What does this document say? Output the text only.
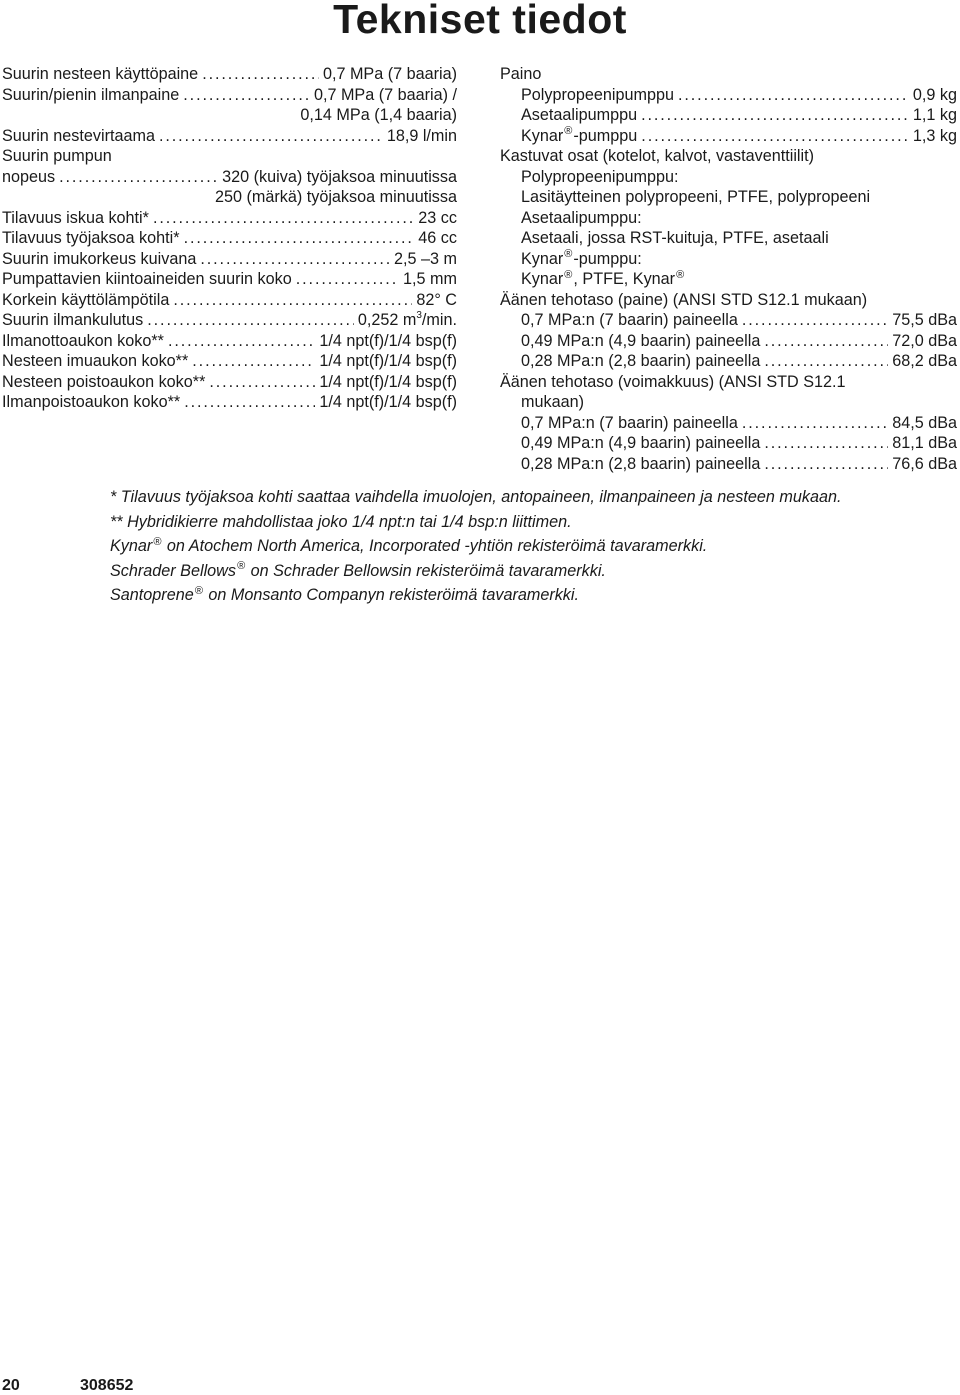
Tekniset tiedot
Suurin nesteen käyttöpaine . . .	0,7 MPa (7 baaria)
Suurin/pienin ilmanpaine . . .	0,7 MPa (7 baaria) /
0,14 MPa (1,4 baaria)
Suurin nestevirtaama . . .	18,9 l/min
Suurin pumpun
nopeus . . .	320 (kuiva) työjaksoa minuutissa
250 (märkä) työjaksoa minuutissa
Tilavuus iskua kohti* . . .	23 cc
Tilavuus työjaksoa kohti* . . .	46 cc
Suurin imukorkeus kuivana . . .	2,5 –3 m
Pumpattavien kiintoaineiden suurin koko . . .	1,5 mm
Korkein käyttölämpötila . . .	82° C
Suurin ilmankulutus . . .	0,252 $m^3/\min$.
Ilmanottoaukon koko** . . .	1/4 npt(f)/1/4 bsp(f)
Nesteen imuaukon koko** . . .	1/4 npt(f)/1/4 bsp(f)
Nesteen poistoaukon koko** . . .	1/4 npt(f)/1/4 bsp(f)
Ilmanpoistoaukon koko** . . .	1/4 npt(f)/1/4 bsp(f)
Paino
Polypropeenipumppu . . .	0,9 kg
Asetaalipumppu . . .	1,1 kg
Kynar®-pumppu . . .	1,3 kg
Kastuvat osat (kotelot, kalvot, vastaventtiilit)
Polypropeenipumppu:
Lasitäytteinen polypropeeni, PTFE, polypropeeni
Asetaalipumppu:
Asetaali, jossa RST-kuituja, PTFE, asetaali
Kynar®-pumppu:
Kynar®, PTFE, Kynar®
Äänen tehotaso (paine) (ANSI STD S12.1 mukaan)
0,7 MPa:n (7 baarin) paineella . . .	75,5 dBa
0,49 MPa:n (4,9 baarin) paineella . . .	72,0 dBa
0,28 MPa:n (2,8 baarin) paineella . . .	68,2 dBa
Äänen tehotaso (voimakkuus) (ANSI STD S12.1
mukaan)
0,7 MPa:n (7 baarin) paineella . . .	84,5 dBa
0,49 MPa:n (4,9 baarin) paineella . . .	81,1 dBa
0,28 MPa:n (2,8 baarin) paineella . . .	76,6 dBa
* Tilavuus työjaksoa kohti saattaa vaihdella imuolojen, antopaineen, ilmanpaineen ja nesteen mukaan.
** Hybridikierre mahdollistaa joko 1/4 npt:n tai 1/4 bsp:n liittimen.
Kynar® on Atochem North America, Incorporated -yhtiön rekisteröimä tavaramerkki.
Schrader Bellows® on Schrader Bellowsin rekisteröimä tavaramerkki.
Santoprene® on Monsanto Companyn rekisteröimä tavaramerkki.
20	308652
